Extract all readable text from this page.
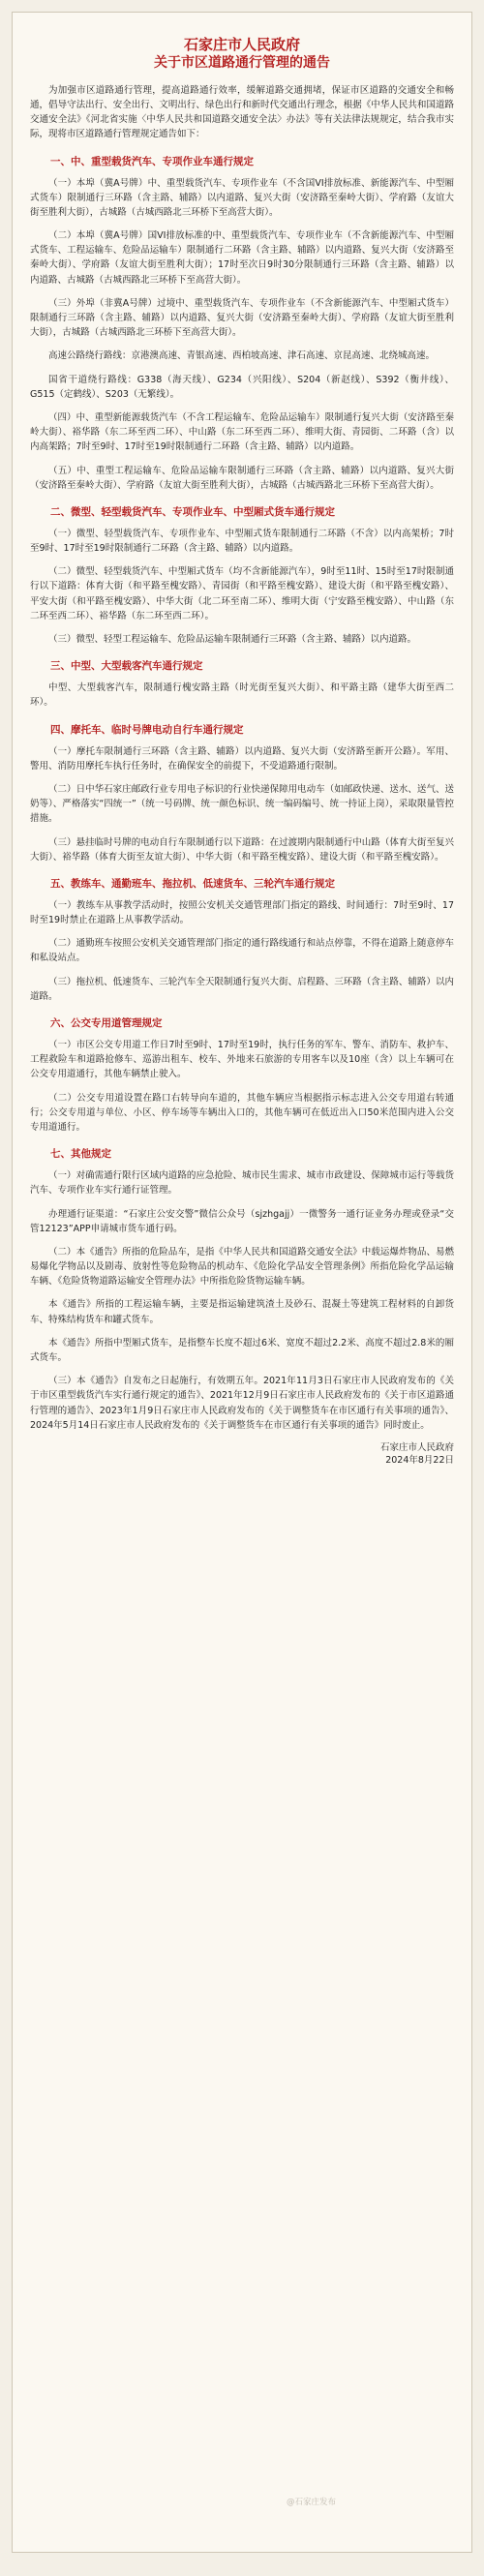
石家庄市人民政府
关于市区道路通行管理的通告

为加强市区道路通行管理，提高道路通行效率，缓解道路交通拥堵，保证市区道路的交通安全和畅通，倡导守法出行、安全出行、文明出行、绿色出行和新时代交通出行理念，根据《中华人民共和国道路交通安全法》《河北省实施〈中华人民共和国道路交通安全法〉办法》等有关法律法规规定，结合我市实际，现将市区道路通行管理规定通告如下：

一、中、重型载货汽车、专项作业车通行规定

（一）本埠（冀A号牌）中、重型载货汽车、专项作业车（不含国VI排放标准、新能源汽车、中型厢式货车）限制通行三环路（含主路、辅路）以内道路、复兴大街（安济路至秦岭大街）、学府路（友谊大街至胜利大街），古城路（古城西路北三环桥下至高营大街）。

（二）本埠（冀A号牌）国VI排放标准的中、重型载货汽车、专项作业车（不含新能源汽车、中型厢式货车、工程运输车、危险品运输车）限制通行二环路（含主路、辅路）以内道路、复兴大街（安济路至秦岭大街）、学府路（友谊大街至胜利大街）；17时至次日9时30分限制通行三环路（含主路、辅路）以内道路、古城路（古城西路北三环桥下至高营大街）。

（三）外埠（非冀A号牌）过境中、重型载货汽车、专项作业车（不含新能源汽车、中型厢式货车）限制通行三环路（含主路、辅路）以内道路、复兴大街（安济路至秦岭大街）、学府路（友谊大街至胜利大街），古城路（古城西路北三环桥下至高营大街）。

高速公路绕行路线：京港澳高速、青银高速、西柏坡高速、津石高速、京昆高速、北绕城高速。

国省干道绕行路线：G338（海天线）、G234（兴阳线）、S204（新赵线）、S392（衡井线）、G515（定鹤线）、S203（无繁线）。

（四）中、重型新能源载货汽车（不含工程运输车、危险品运输车）限制通行复兴大街（安济路至秦岭大街）、裕华路（东二环至西二环）、中山路（东二环至西二环）、维明大街、青园街、二环路（含）以内高架路；7时至9时、17时至19时限制通行二环路（含主路、辅路）以内道路。

（五）中、重型工程运输车、危险品运输车限制通行三环路（含主路、辅路）以内道路、复兴大街（安济路至秦岭大街）、学府路（友谊大街至胜利大街），古城路（古城西路北三环桥下至高营大街）。

二、微型、轻型载货汽车、专项作业车、中型厢式货车通行规定

（一）微型、轻型载货汽车、专项作业车、中型厢式货车限制通行二环路（不含）以内高架桥；7时至9时、17时至19时限制通行二环路（含主路、辅路）以内道路。

（二）微型、轻型载货汽车、中型厢式货车（均不含新能源汽车），9时至11时、15时至17时限制通行以下道路：体育大街（和平路至槐安路）、青园街（和平路至槐安路）、建设大街（和平路至槐安路）、平安大街（和平路至槐安路）、中华大街（北二环至南二环）、维明大街（宁安路至槐安路）、中山路（东二环至西二环）、裕华路（东二环至西二环）。

（三）微型、轻型工程运输车、危险品运输车限制通行三环路（含主路、辅路）以内道路。

三、中型、大型载客汽车通行规定

中型、大型载客汽车，限制通行槐安路主路（时光街至复兴大街）、和平路主路（建华大街至西二环）。

四、摩托车、临时号牌电动自行车通行规定

（一）摩托车限制通行三环路（含主路、辅路）以内道路、复兴大街（安济路至新开公路）。军用、警用、消防用摩托车执行任务时，在确保安全的前提下，不受道路通行限制。

（二）日中华石家庄邮政行业专用电子标识的行业快递保障用电动车（如邮政快递、送水、送气、送奶等）、严格落实“四统一”（统一号码牌、统一颜色标识、统一编码编号、统一持证上岗），采取限量管控措施。

（三）悬挂临时号牌的电动自行车限制通行以下道路：在过渡期内限制通行中山路（体育大街至复兴大街）、裕华路（体育大街至友谊大街）、中华大街（和平路至槐安路）、建设大街（和平路至槐安路）。

五、教练车、通勤班车、拖拉机、低速货车、三轮汽车通行规定

（一）教练车从事教学活动时，按照公安机关交通管理部门指定的路线、时间通行：7时至9时、17时至19时禁止在道路上从事教学活动。

（二）通勤班车按照公安机关交通管理部门指定的通行路线通行和站点停靠，不得在道路上随意停车和私设站点。

（三）拖拉机、低速货车、三轮汽车全天限制通行复兴大街、启程路、三环路（含主路、辅路）以内道路。

六、公交专用道管理规定

（一）市区公交专用道工作日7时至9时、17时至19时，执行任务的军车、警车、消防车、救护车、工程救险车和道路抢修车、巡游出租车、校车、外地来石旅游的专用客车以及10座（含）以上车辆可在公交专用道通行，其他车辆禁止驶入。

（二）公交专用道设置在路口右转导向车道的，其他车辆应当根据指示标志进入公交专用道右转通行；公交专用道与单位、小区、停车场等车辆出入口的，其他车辆可在低近出入口50米范围内进入公交专用道通行。

七、其他规定

（一）对确需通行限行区域内道路的应急抢险、城市民生需求、城市市政建设、保障城市运行等载货汽车、专项作业车实行通行证管理。

办理通行证渠道：“石家庄公安交警”微信公众号（sjzhgajj）一微警务一通行证业务办理或登录“交管12123”APP申请城市货车通行码。

（二）本《通告》所指的危险品车，是指《中华人民共和国道路交通安全法》中载运爆炸物品、易燃易爆化学物品以及剧毒、放射性等危险物品的机动车、《危险化学品安全管理条例》所指危险化学品运输车辆、《危险货物道路运输安全管理办法》中所指危险货物运输车辆。

本《通告》所指的工程运输车辆，主要是指运输建筑渣土及砂石、混凝土等建筑工程材料的自卸货车、特殊结构货车和罐式货车。

本《通告》所指中型厢式货车，是指整车长度不超过6米、宽度不超过2.2米、高度不超过2.8米的厢式货车。

（三）本《通告》自发布之日起施行，有效期五年。2021年11月3日石家庄市人民政府发布的《关于市区重型载货汽车实行通行规定的通告》、2021年12月9日石家庄市人民政府发布的《关于市区道路通行管理的通告》、2023年1月9日石家庄市人民政府发布的《关于调整货车在市区通行有关事项的通告》、2024年5月14日石家庄市人民政府发布的《关于调整货车在市区通行有关事项的通告》同时废止。

石家庄市人民政府
2024年8月22日
@石家庄发布
